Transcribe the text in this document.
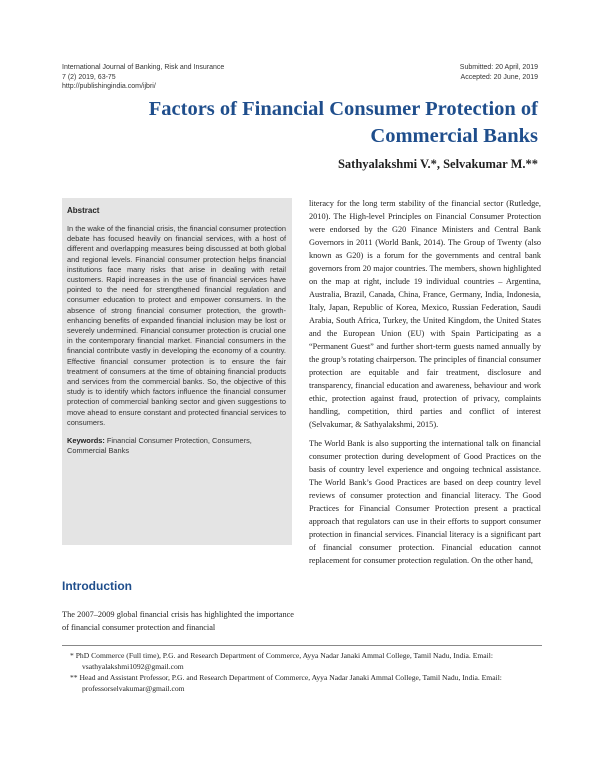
International Journal of Banking, Risk and Insurance
7 (2) 2019, 63-75
http://publishingindia.com/ijbri/
Submitted: 20 April, 2019
Accepted: 20 June, 2019
Factors of Financial Consumer Protection of Commercial Banks
Sathyalakshmi V.*, Selvakumar M.**
Abstract

In the wake of the financial crisis, the financial consumer protection debate has focused heavily on financial services, with a host of different and overlapping measures being discussed at both global and regional levels. Financial consumer protection helps financial institutions face many risks that arise in dealing with retail customers. Rapid increases in the use of financial services have pointed to the need for strengthened financial regulation and consumer education to protect and empower consumers. In the absence of strong financial consumer protection, the growth-enhancing benefits of expanded financial inclusion may be lost or severely undermined. Financial consumer protection is crucial one in the contemporary financial market. Financial consumers in the financial contribute vastly in developing the economy of a country. Effective financial consumer protection is to ensure the fair treatment of consumers at the time of obtaining financial products and services from the commercial banks. So, the objective of this study is to identify which factors influence the financial consumer protection of commercial banking sector and given suggestions to move ahead to ensure constant and protected financial services to consumers.

Keywords: Financial Consumer Protection, Consumers, Commercial Banks
Introduction

The 2007–2009 global financial crisis has highlighted the importance of financial consumer protection and financial

literacy for the long term stability of the financial sector (Rutledge, 2010). The High-level Principles on Financial Consumer Protection were endorsed by the G20 Finance Ministers and Central Bank Governors in 2011 (World Bank, 2014). The Group of Twenty (also known as G20) is a forum for the governments and central bank governors from 20 major countries. The members, shown highlighted on the map at right, include 19 individual countries – Argentina, Australia, Brazil, Canada, China, France, Germany, India, Indonesia, Italy, Japan, Republic of Korea, Mexico, Russian Federation, Saudi Arabia, South Africa, Turkey, the United Kingdom, the United States and the European Union (EU) with Spain Participating as a “Permanent Guest” and further short-term guests named annually by the group’s rotating chairperson. The principles of financial consumer protection are equitable and fair treatment, disclosure and transparency, financial education and awareness, behaviour and work ethic, protection against fraud, protection of privacy, complaints handling, competition, third parties and conflict of interest (Selvakumar, & Sathyalakshmi, 2015).

The World Bank is also supporting the international talk on financial consumer protection during development of Good Practices on the basis of country level experience and ongoing technical assistance. The World Bank’s Good Practices are based on deep country level reviews of consumer protection and financial literacy. The Good Practices for Financial Consumer Protection present a practical approach that regulators can use in their efforts to support consumer protection in financial services. Financial literacy is a significant part of financial consumer protection. Financial education cannot replacement for consumer protection regulation. On the other hand,

* PhD Commerce (Full time), P.G. and Research Department of Commerce, Ayya Nadar Janaki Ammal College, Tamil Nadu, India. Email: vsathyalakshmi1092@gmail.com

** Head and Assistant Professor, P.G. and Research Department of Commerce, Ayya Nadar Janaki Ammal College, Tamil Nadu, India. Email: professorselvakumar@gmail.com
